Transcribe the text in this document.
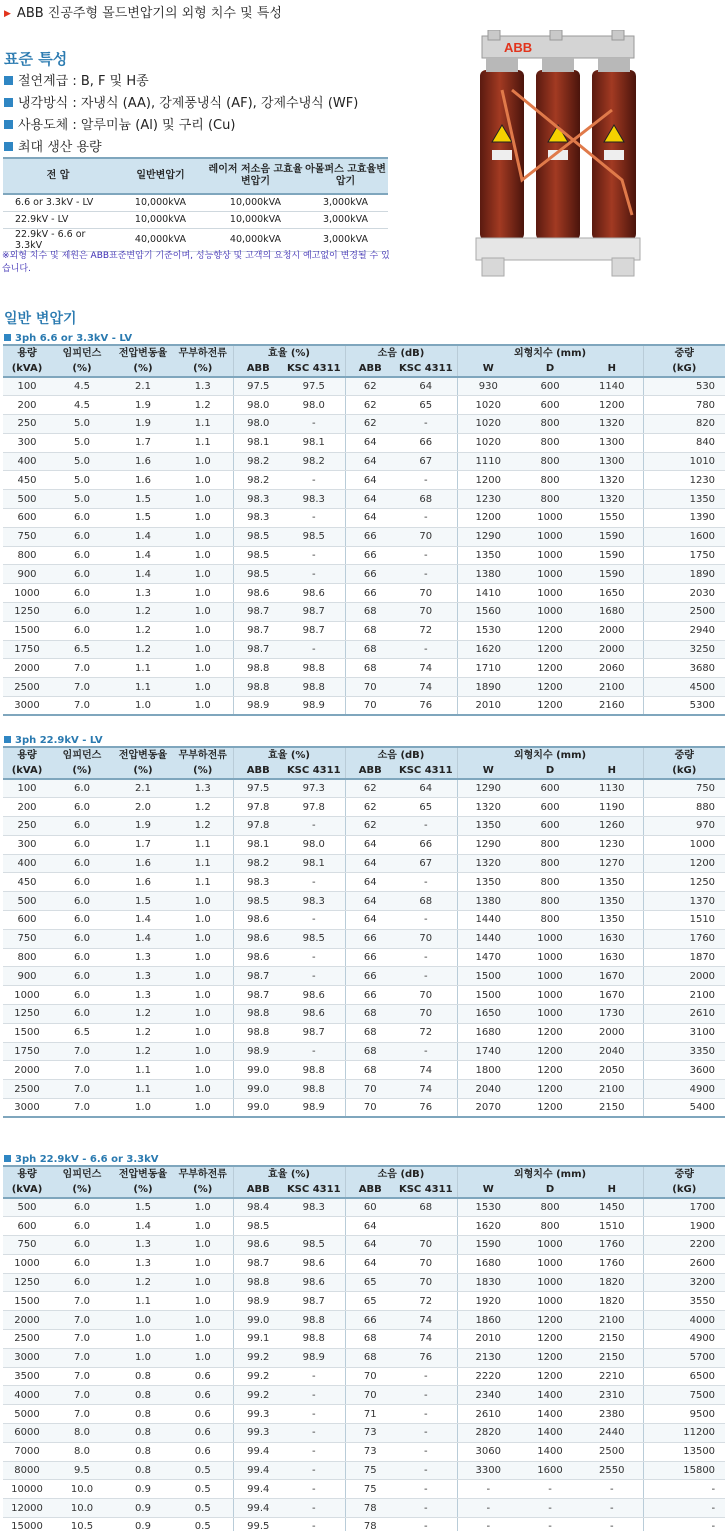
▶ ABB 진공주형 몰드변압기의 외형 치수 및 특성
표준 특성
절연계급 : B, F 및 H종
냉각방식 : 자냉식 (AA), 강제풍냉식 (AF), 강제수냉식 (WF)
사용도체 : 알루미늄 (Al) 및 구리 (Cu)
최대 생산 용량
전 압	일반변압기	레이저 저소음 고효율변압기	아몰퍼스 고효율변압기
6.6 or 3.3kV - LV	10,000kVA	10,000kVA	3,000kVA
22.9kV - LV	10,000kVA	10,000kVA	3,000kVA
22.9kV - 6.6 or 3.3kV	40,000kVA	40,000kVA	3,000kVA
※외형 치수 및 제원은 ABB표준변압기 기준이며, 성능향상 및 고객의 요청시 예고없이 변경될 수 있습니다.
ABB
일반 변압기
3ph 6.6 or 3.3kV - LV
용량	임피던스	전압변동율	무부하전류	효율 (%)		소음 (dB)		외형치수 (mm)			중량
(kVA)	(%)	(%)	(%)	ABB	KSC 4311	ABB	KSC 4311	W	D	H	(kG)
100	4.5	2.1	1.3	97.5	97.5	62	64	930	600	1140	530
200	4.5	1.9	1.2	98.0	98.0	62	65	1020	600	1200	780
250	5.0	1.9	1.1	98.0	-	62	-	1020	800	1320	820
300	5.0	1.7	1.1	98.1	98.1	64	66	1020	800	1300	840
400	5.0	1.6	1.0	98.2	98.2	64	67	1110	800	1300	1010
450	5.0	1.6	1.0	98.2	-	64	-	1200	800	1320	1230
500	5.0	1.5	1.0	98.3	98.3	64	68	1230	800	1320	1350
600	6.0	1.5	1.0	98.3	-	64	-	1200	1000	1550	1390
750	6.0	1.4	1.0	98.5	98.5	66	70	1290	1000	1590	1600
800	6.0	1.4	1.0	98.5	-	66	-	1350	1000	1590	1750
900	6.0	1.4	1.0	98.5	-	66	-	1380	1000	1590	1890
1000	6.0	1.3	1.0	98.6	98.6	66	70	1410	1000	1650	2030
1250	6.0	1.2	1.0	98.7	98.7	68	70	1560	1000	1680	2500
1500	6.0	1.2	1.0	98.7	98.7	68	72	1530	1200	2000	2940
1750	6.5	1.2	1.0	98.7	-	68	-	1620	1200	2000	3250
2000	7.0	1.1	1.0	98.8	98.8	68	74	1710	1200	2060	3680
2500	7.0	1.1	1.0	98.8	98.8	70	74	1890	1200	2100	4500
3000	7.0	1.0	1.0	98.9	98.9	70	76	2010	1200	2160	5300
3ph 22.9kV - LV
용량	임피던스	전압변동율	무부하전류	효율 (%)		소음 (dB)		외형치수 (mm)			중량
(kVA)	(%)	(%)	(%)	ABB	KSC 4311	ABB	KSC 4311	W	D	H	(kG)
100	6.0	2.1	1.3	97.5	97.3	62	64	1290	600	1130	750
200	6.0	2.0	1.2	97.8	97.8	62	65	1320	600	1190	880
250	6.0	1.9	1.2	97.8	-	62	-	1350	600	1260	970
300	6.0	1.7	1.1	98.1	98.0	64	66	1290	800	1230	1000
400	6.0	1.6	1.1	98.2	98.1	64	67	1320	800	1270	1200
450	6.0	1.6	1.1	98.3	-	64	-	1350	800	1350	1250
500	6.0	1.5	1.0	98.5	98.3	64	68	1380	800	1350	1370
600	6.0	1.4	1.0	98.6	-	64	-	1440	800	1350	1510
750	6.0	1.4	1.0	98.6	98.5	66	70	1440	1000	1630	1760
800	6.0	1.3	1.0	98.6	-	66	-	1470	1000	1630	1870
900	6.0	1.3	1.0	98.7	-	66	-	1500	1000	1670	2000
1000	6.0	1.3	1.0	98.7	98.6	66	70	1500	1000	1670	2100
1250	6.0	1.2	1.0	98.8	98.6	68	70	1650	1000	1730	2610
1500	6.5	1.2	1.0	98.8	98.7	68	72	1680	1200	2000	3100
1750	7.0	1.2	1.0	98.9	-	68	-	1740	1200	2040	3350
2000	7.0	1.1	1.0	99.0	98.8	68	74	1800	1200	2050	3600
2500	7.0	1.1	1.0	99.0	98.8	70	74	2040	1200	2100	4900
3000	7.0	1.0	1.0	99.0	98.9	70	76	2070	1200	2150	5400
3ph 22.9kV - 6.6 or 3.3kV
용량	임피던스	전압변동율	무부하전류	효율 (%)		소음 (dB)		외형치수 (mm)			중량
(kVA)	(%)	(%)	(%)	ABB	KSC 4311	ABB	KSC 4311	W	D	H	(kG)
500	6.0	1.5	1.0	98.4	98.3	60	68	1530	800	1450	1700
600	6.0	1.4	1.0	98.5		64		1620	800	1510	1900
750	6.0	1.3	1.0	98.6	98.5	64	70	1590	1000	1760	2200
1000	6.0	1.3	1.0	98.7	98.6	64	70	1680	1000	1760	2600
1250	6.0	1.2	1.0	98.8	98.6	65	70	1830	1000	1820	3200
1500	7.0	1.1	1.0	98.9	98.7	65	72	1920	1000	1820	3550
2000	7.0	1.0	1.0	99.0	98.8	66	74	1860	1200	2100	4000
2500	7.0	1.0	1.0	99.1	98.8	68	74	2010	1200	2150	4900
3000	7.0	1.0	1.0	99.2	98.9	68	76	2130	1200	2150	5700
3500	7.0	0.8	0.6	99.2	-	70	-	2220	1200	2210	6500
4000	7.0	0.8	0.6	99.2	-	70	-	2340	1400	2310	7500
5000	7.0	0.8	0.6	99.3	-	71	-	2610	1400	2380	9500
6000	8.0	0.8	0.6	99.3	-	73	-	2820	1400	2440	11200
7000	8.0	0.8	0.6	99.4	-	73	-	3060	1400	2500	13500
8000	9.5	0.8	0.5	99.4	-	75	-	3300	1600	2550	15800
10000	10.0	0.9	0.5	99.4	-	75	-	-	-	-	-
12000	10.0	0.9	0.5	99.4	-	78	-	-	-	-	-
15000	10.5	0.9	0.5	99.5	-	78	-	-	-	-	-
